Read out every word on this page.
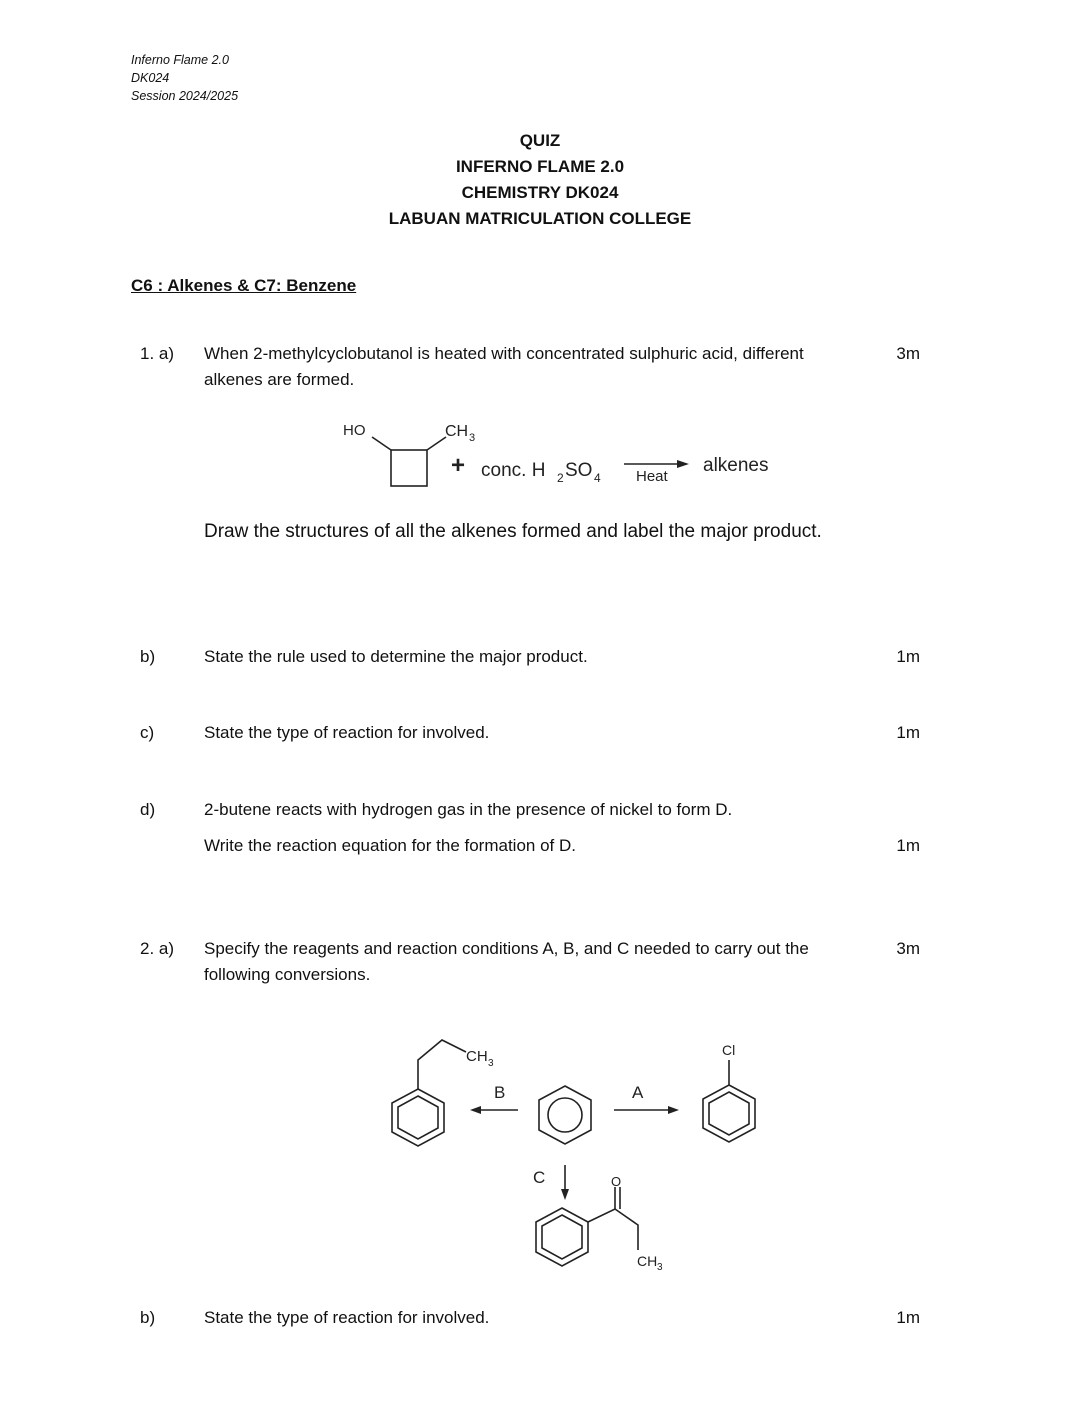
Inferno Flame 2.0
DK024
Session 2024/2025
QUIZ
INFERNO FLAME 2.0
CHEMISTRY DK024
LABUAN MATRICULATION COLLEGE
C6 : Alkenes & C7: Benzene
1. a) When 2-methylcyclobutanol is heated with concentrated sulphuric acid, different alkenes are formed.
3m
HO	CH 3
+ conc. H 2 SO 4 Heat
alkenes
CH 3
B	A
C
Cl
O
CH 3
Draw the structures of all the alkenes formed and label the major product.
b)	State the rule used to determine the major product.	1m
c)	State the type of reaction for involved.	1m
d)	2-butene reacts with hydrogen gas in the presence of nickel to form D.
Write the reaction equation for the formation of D.	1m
2. a) Specify the reagents and reaction conditions A, B, and C needed to carry out the following conversions.
3m
b)	State the type of reaction for involved.	1m
